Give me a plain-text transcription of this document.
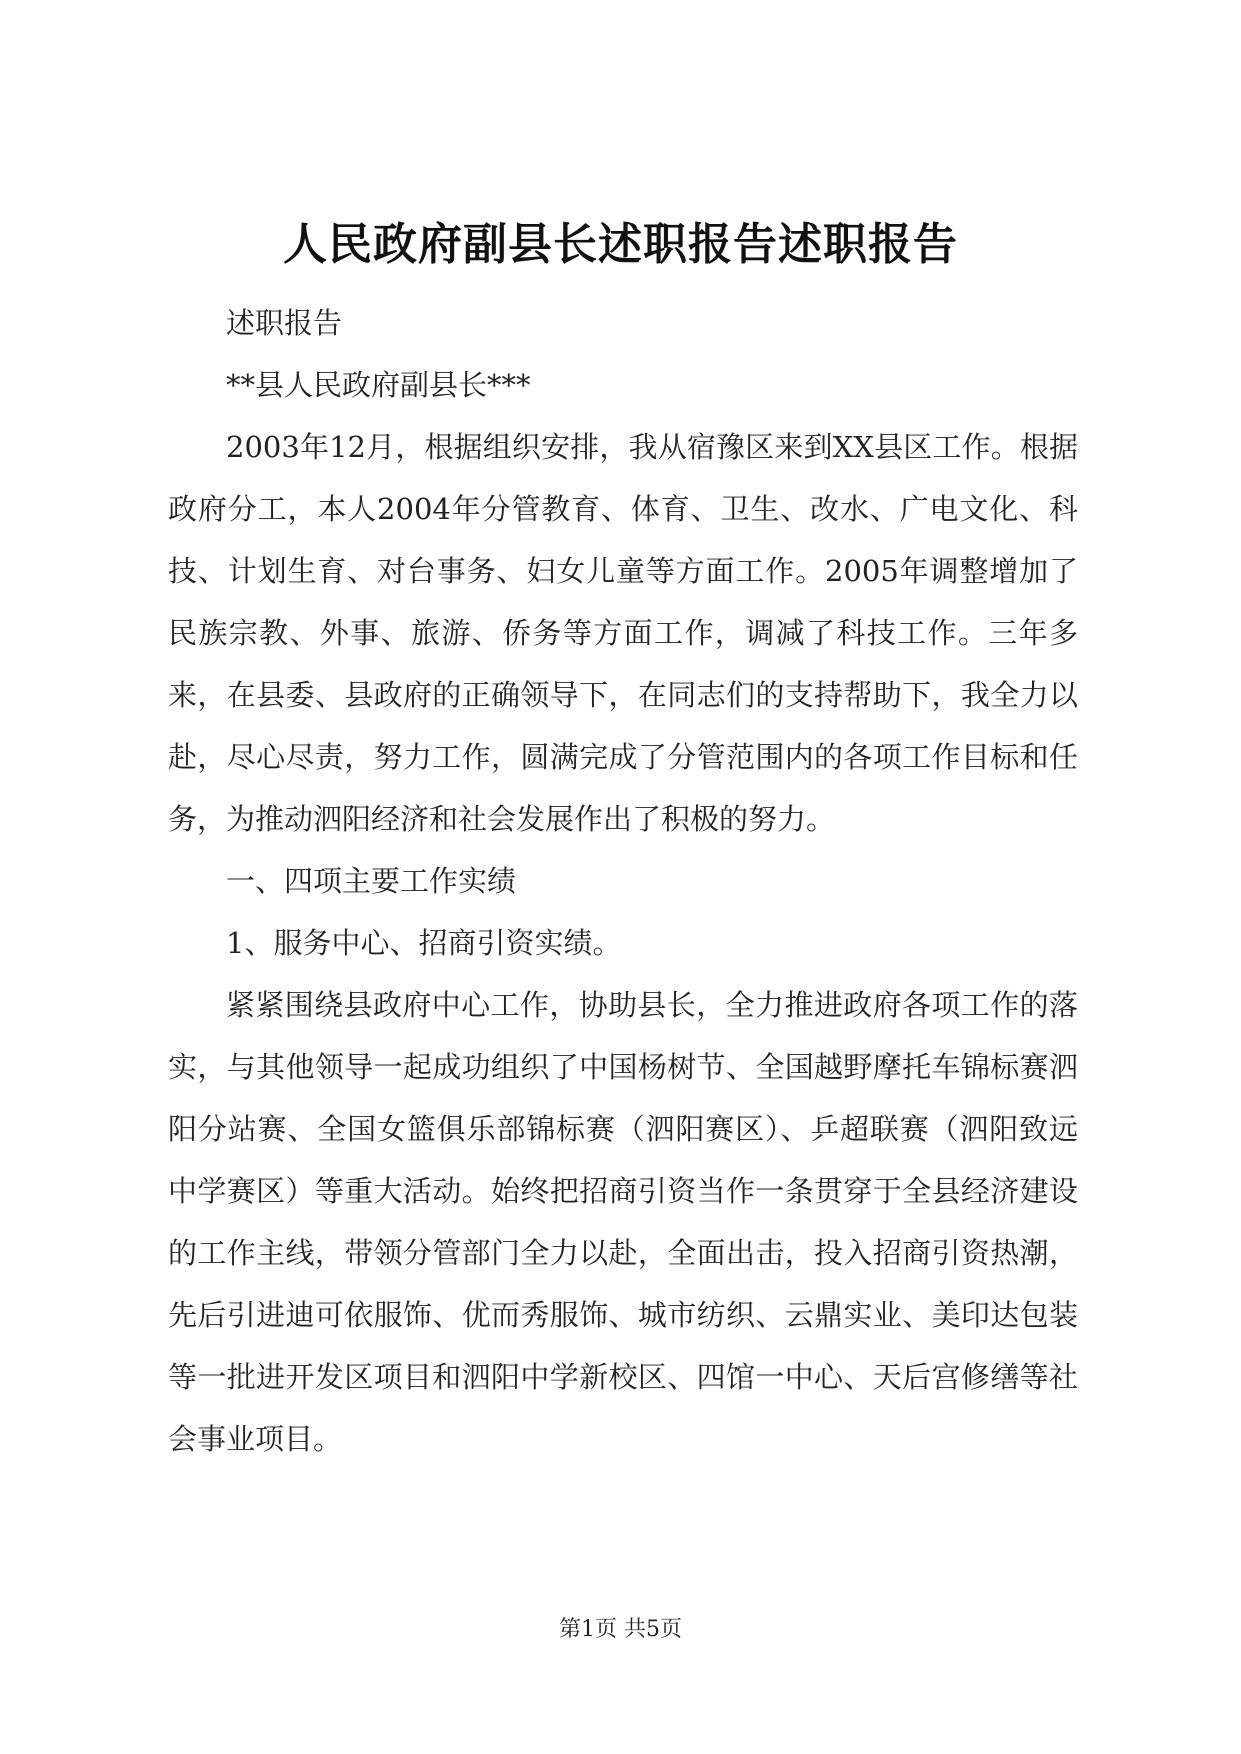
人民政府副县长述职报告述职报告

述职报告

**县人民政府副县长***

2003年12月，根据组织安排，我从宿豫区来到XX县区工作。根据政府分工，本人2004年分管教育、体育、卫生、改水、广电文化、科技、计划生育、对台事务、妇女儿童等方面工作。2005年调整增加了民族宗教、外事、旅游、侨务等方面工作，调减了科技工作。三年多来，在县委、县政府的正确领导下，在同志们的支持帮助下，我全力以赴，尽心尽责，努力工作，圆满完成了分管范围内的各项工作目标和任务，为推动泗阳经济和社会发展作出了积极的努力。

一、四项主要工作实绩

1、服务中心、招商引资实绩。

紧紧围绕县政府中心工作，协助县长，全力推进政府各项工作的落实，与其他领导一起成功组织了中国杨树节、全国越野摩托车锦标赛泗阳分站赛、全国女篮俱乐部锦标赛（泗阳赛区）、乒超联赛（泗阳致远中学赛区）等重大活动。始终把招商引资当作一条贯穿于全县经济建设的工作主线，带领分管部门全力以赴，全面出击，投入招商引资热潮，先后引进迪可依服饰、优而秀服饰、城市纺织、云鼎实业、美印达包装等一批进开发区项目和泗阳中学新校区、四馆一中心、天后宫修缮等社会事业项目。

第1页 共5页
